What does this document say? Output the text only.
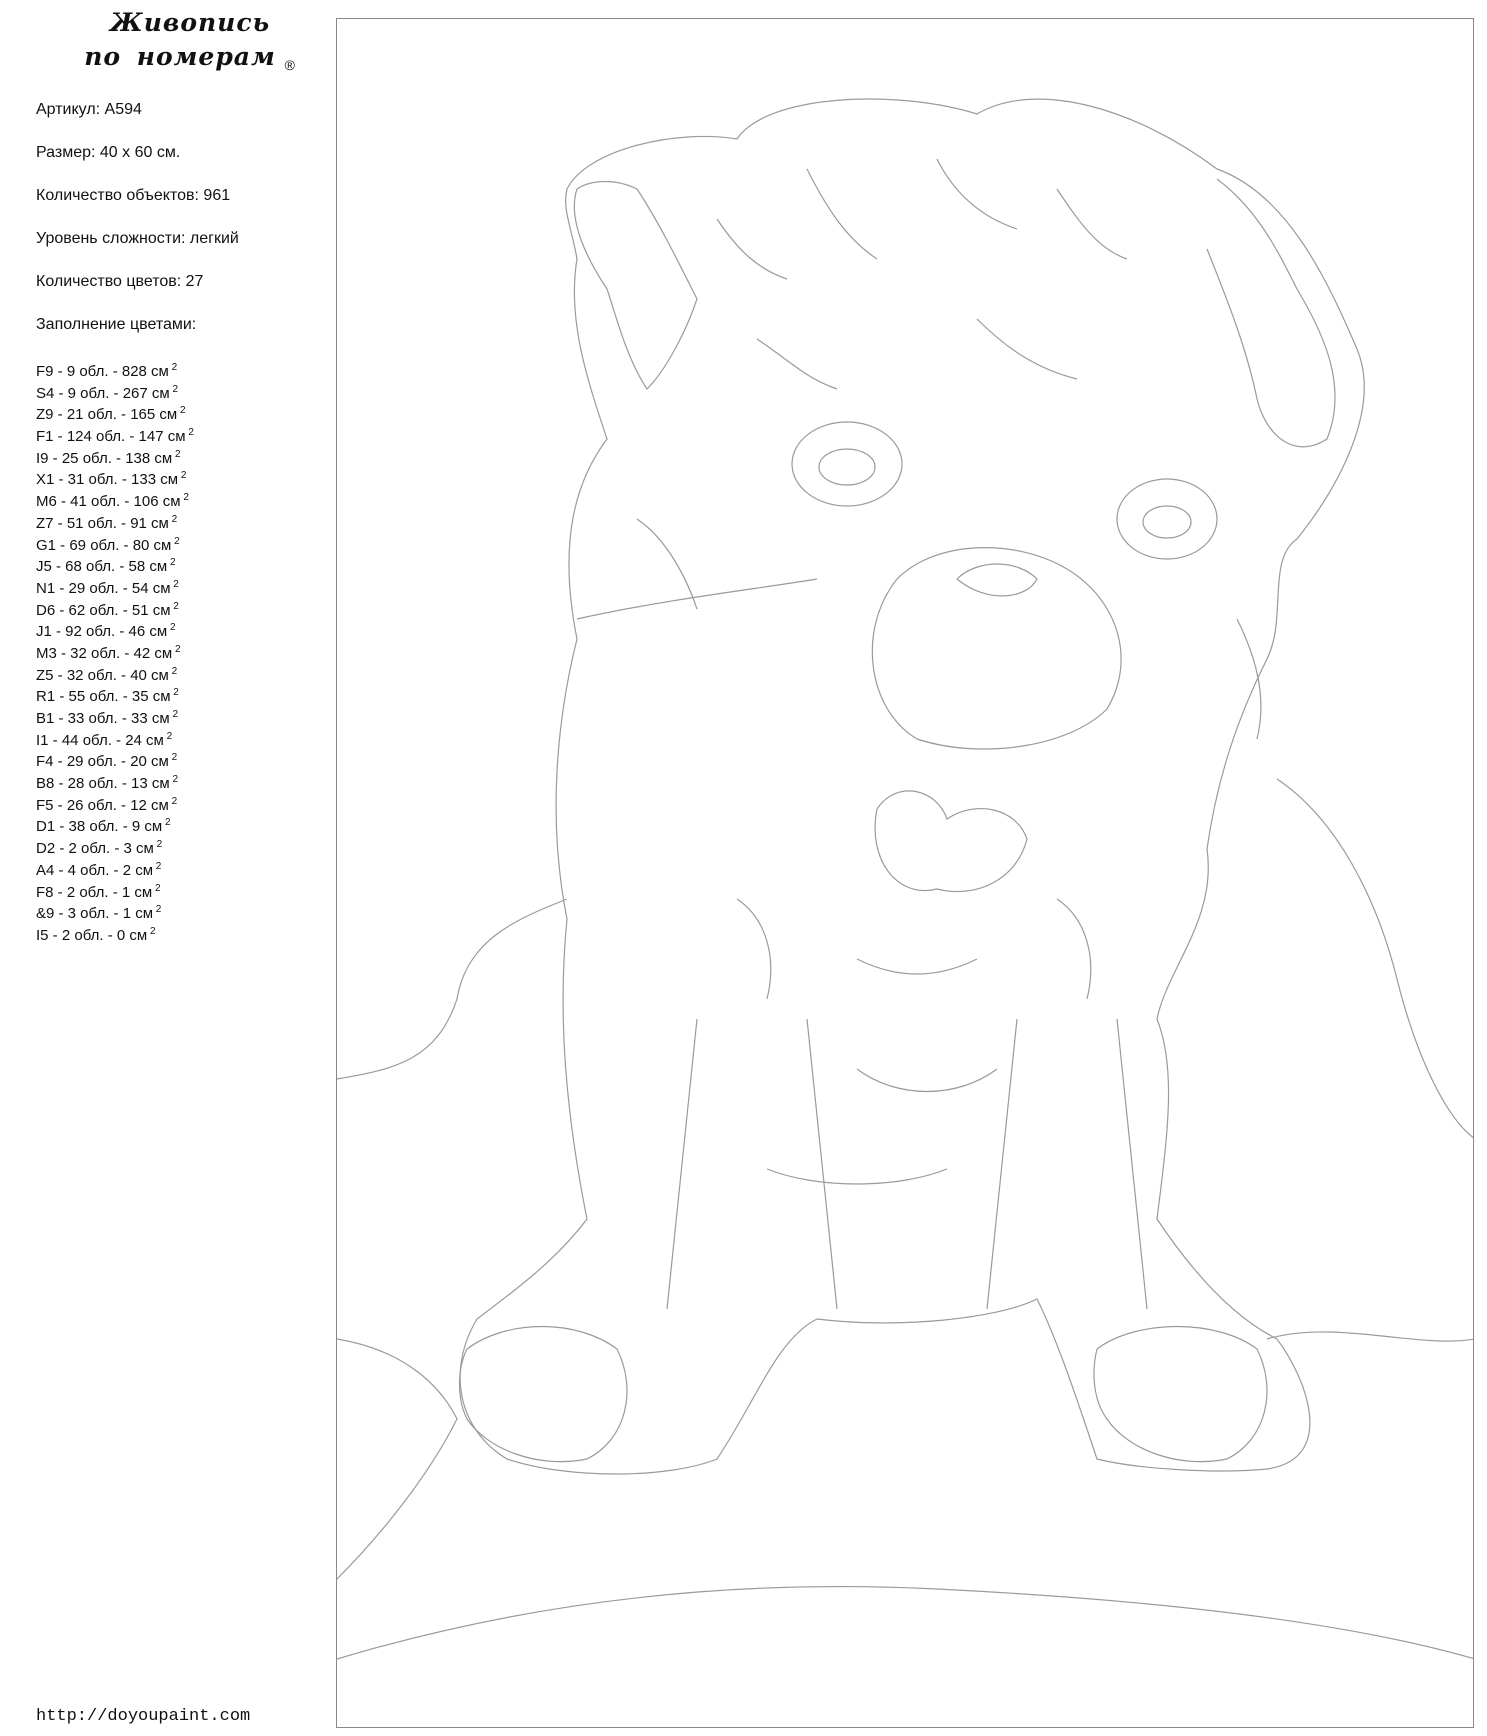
Живопись
по номерам ®
Артикул: A594
Размер: 40 x 60 см.
Количество объектов: 961
Уровень сложности: легкий
Количество цветов: 27
Заполнение цветами:
F9 - 9 обл. - 828 см $^2$
S4 - 9 обл. - 267 см $^2$
Z9 - 21 обл. - 165 см $^2$
F1 - 124 обл. - 147 см $^2$
I9 - 25 обл. - 138 см $^2$
X1 - 31 обл. - 133 см $^2$
M6 - 41 обл. - 106 см $^2$
Z7 - 51 обл. - 91 см $^2$
G1 - 69 обл. - 80 см $^2$
J5 - 68 обл. - 58 см $^2$
N1 - 29 обл. - 54 см $^2$
D6 - 62 обл. - 51 см $^2$
J1 - 92 обл. - 46 см $^2$
M3 - 32 обл. - 42 см $^2$
Z5 - 32 обл. - 40 см $^2$
R1 - 55 обл. - 35 см $^2$
B1 - 33 обл. - 33 см $^2$
I1 - 44 обл. - 24 см $^2$
F4 - 29 обл. - 20 см $^2$
B8 - 28 обл. - 13 см $^2$
F5 - 26 обл. - 12 см $^2$
D1 - 38 обл. - 9 см $^2$
D2 - 2 обл. - 3 см $^2$
A4 - 4 обл. - 2 см $^2$
F8 - 2 обл. - 1 см $^2$
&9 - 3 обл. - 1 см $^2$
I5 - 2 обл. - 0 см $^2$
http://doyoupaint.com
